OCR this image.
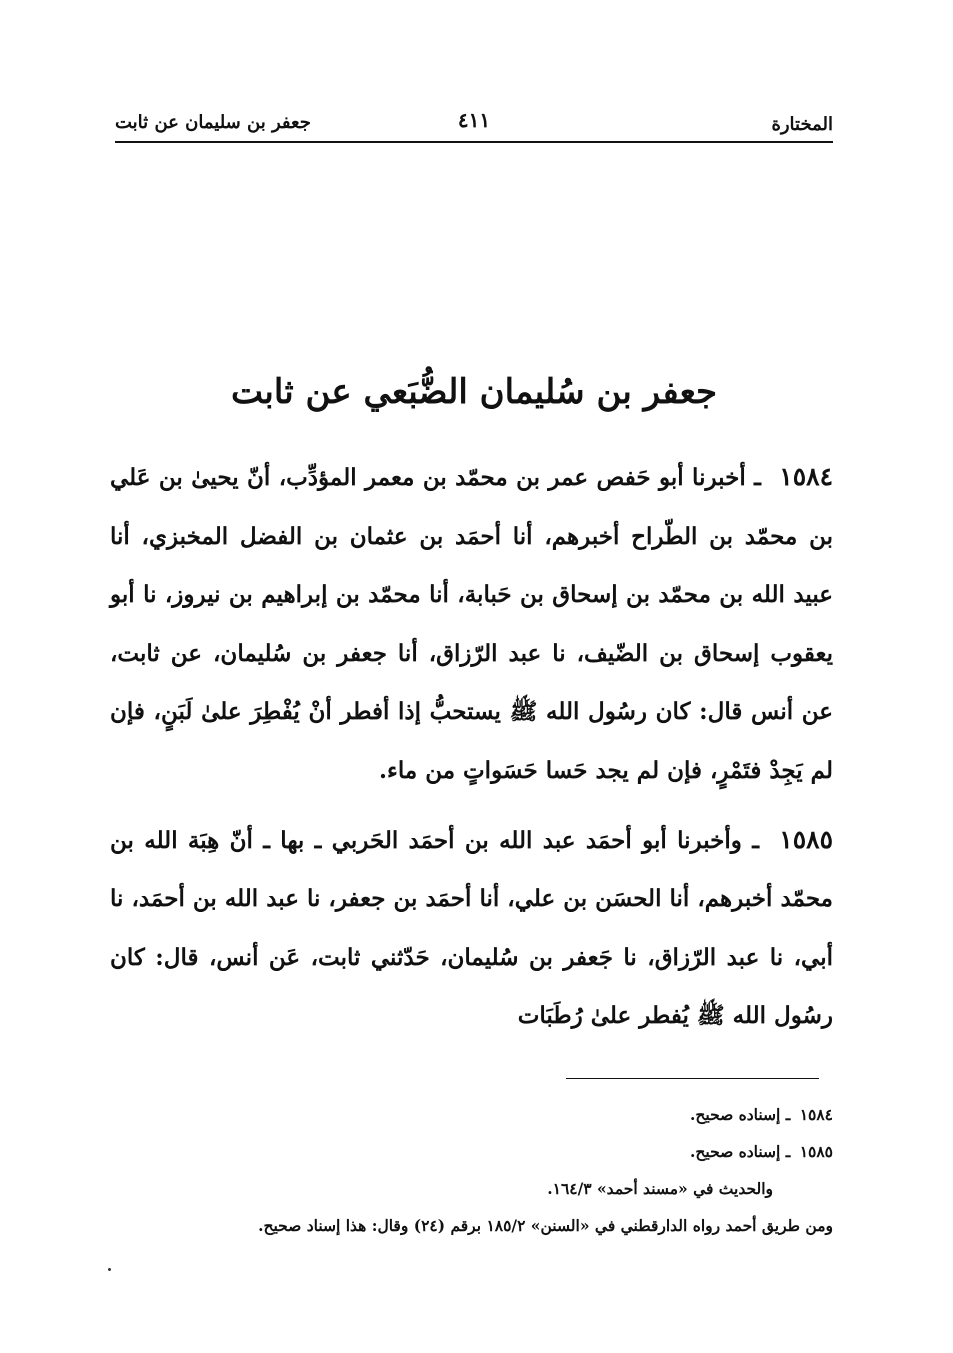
المختارة
٤١١
جعفر بن سليمان عن ثابت
جعفر بن سُليمان الضُّبَعي عن ثابت

١٥٨٤ ـ أخبرنا أبو حَفص عمر بن محمّد بن معمر المؤدِّب، أنّ يحيىٰ بن عَلي بن محمّد بن الطّراح أخبرهم، أنا أحمَد بن عثمان بن الفضل المخبزي، أنا عبيد الله بن محمّد بن إسحاق بن حَبابة، أنا محمّد بن إبراهيم بن نيروز، نا أبو يعقوب إسحاق بن الضّيف، نا عبد الرّزاق، أنا جعفر بن سُليمان، عن ثابت، عن أنس قال: كان رسُول الله ﷺ يستحبُّ إذا أفطر أنْ يُفْطِرَ علىٰ لَبَنٍ، فإن لم يَجِدْ فتَمْرٍ، فإن لم يجد حَسا حَسَواتٍ من ماء.

١٥٨٥ ـ وأخبرنا أبو أحمَد عبد الله بن أحمَد الحَربي ـ بها ـ أنّ هِبَة الله بن محمّد أخبرهم، أنا الحسَن بن علي، أنا أحمَد بن جعفر، نا عبد الله بن أحمَد، نا أبي، نا عبد الرّزاق، نا جَعفر بن سُليمان، حَدّثني ثابت، عَن أنس، قال: كان رسُول الله ﷺ يُفطر علىٰ رُطَبَات

١٥٨٤ ـ إسناده صحيح.
١٥٨٥ ـ إسناده صحيح.
والحديث في «مسند أحمد» ١٦٤/٣.
ومن طريق أحمد رواه الدارقطني في «السنن» ١٨٥/٢ برقم (٢٤) وقال: هذا إسناد صحيح.
